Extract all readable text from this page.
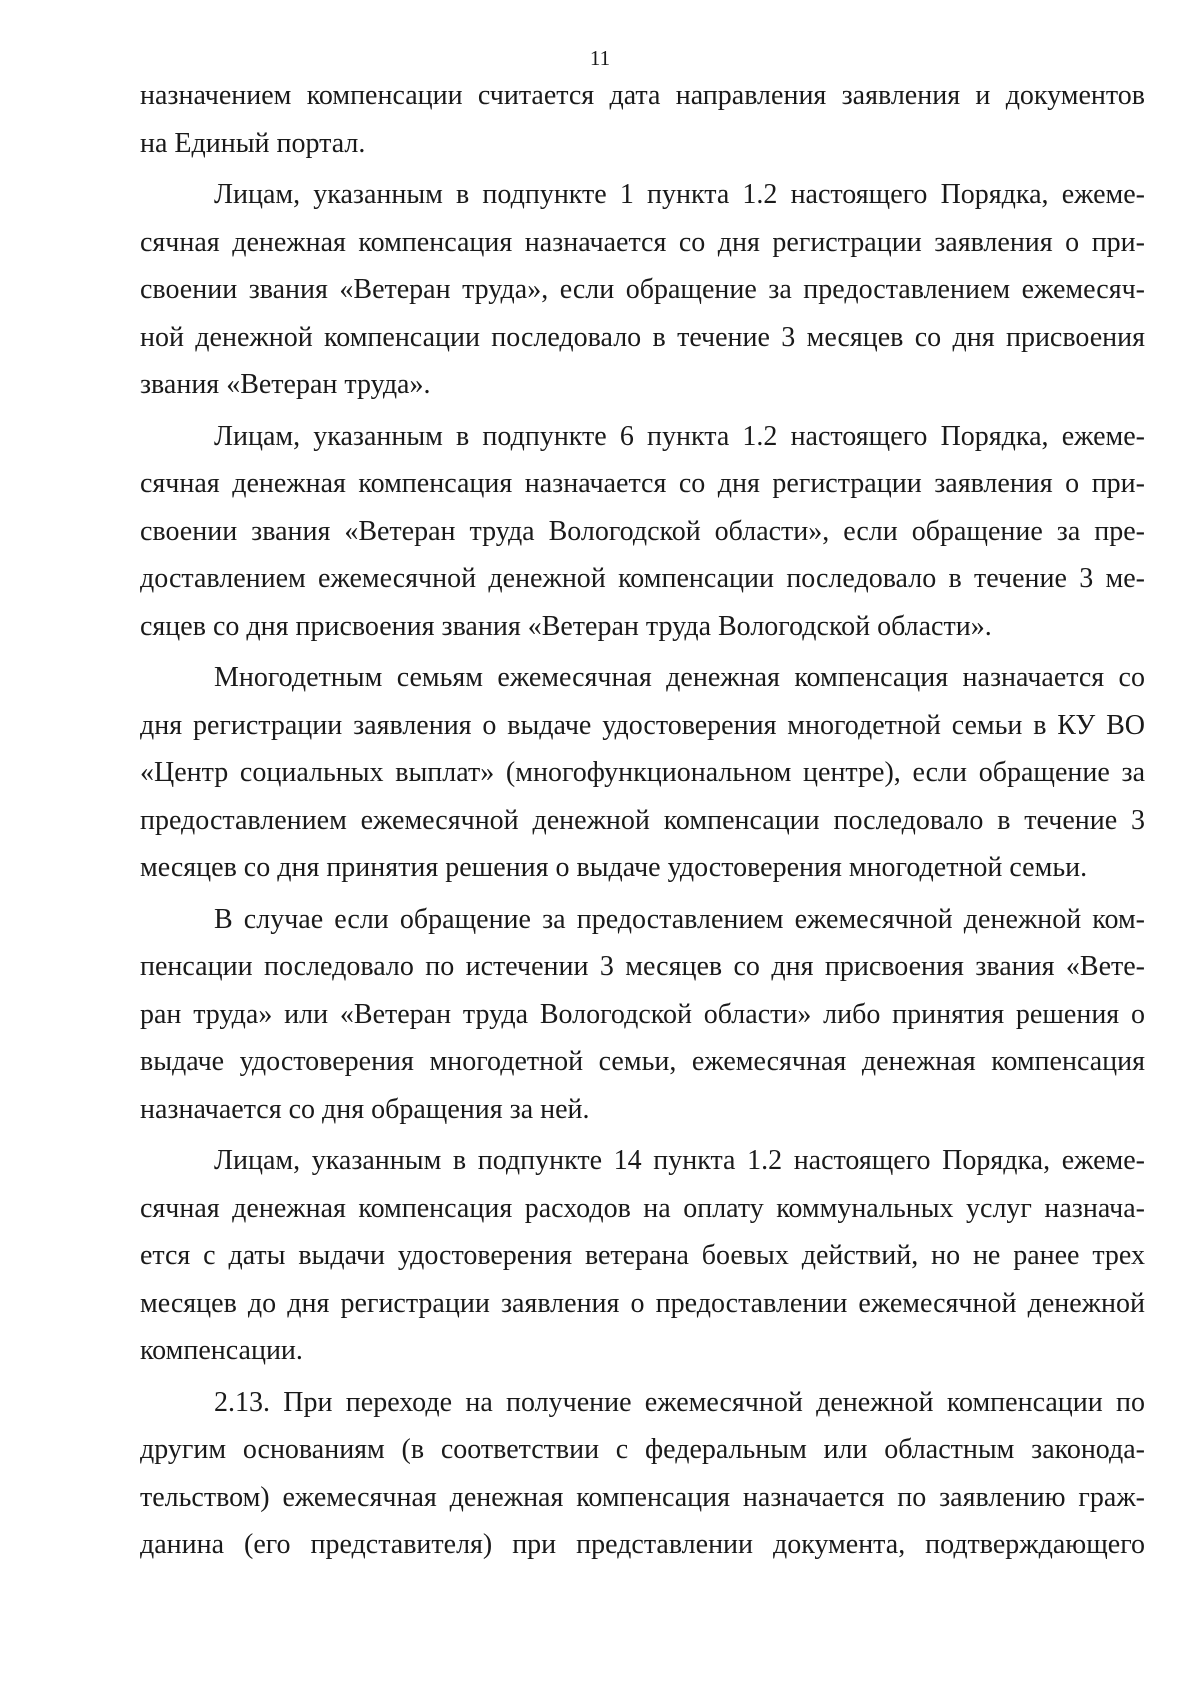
11
назначением компенсации считается дата направления заявления и документов
на Единый портал.
Лицам, указанным в подпункте 1 пункта 1.2 настоящего Порядка, ежеме-
сячная денежная компенсация назначается со дня регистрации заявления о при-
своении звания «Ветеран труда», если обращение за предоставлением ежемесяч-
ной денежной компенсации последовало в течение 3 месяцев со дня присвоения
звания «Ветеран труда».
Лицам, указанным в подпункте 6 пункта 1.2 настоящего Порядка, ежеме-
сячная денежная компенсация назначается со дня регистрации заявления о при-
своении звания «Ветеран труда Вологодской области», если обращение за пре-
доставлением ежемесячной денежной компенсации последовало в течение 3 ме-
сяцев со дня присвоения звания «Ветеран труда Вологодской области».
Многодетным семьям ежемесячная денежная компенсация назначается со
дня регистрации заявления о выдаче удостоверения многодетной семьи в КУ ВО
«Центр социальных выплат» (многофункциональном центре), если обращение за
предоставлением ежемесячной денежной компенсации последовало в течение 3
месяцев со дня принятия решения о выдаче удостоверения многодетной семьи.
В случае если обращение за предоставлением ежемесячной денежной ком-
пенсации последовало по истечении 3 месяцев со дня присвоения звания «Вете-
ран труда» или «Ветеран труда Вологодской области» либо принятия решения о
выдаче удостоверения многодетной семьи, ежемесячная денежная компенсация
назначается со дня обращения за ней.
Лицам, указанным в подпункте 14 пункта 1.2 настоящего Порядка, ежеме-
сячная денежная компенсация расходов на оплату коммунальных услуг назнача-
ется с даты выдачи удостоверения ветерана боевых действий, но не ранее трех
месяцев до дня регистрации заявления о предоставлении ежемесячной денежной
компенсации.
2.13. При переходе на получение ежемесячной денежной компенсации по
другим основаниям (в соответствии с федеральным или областным законода-
тельством) ежемесячная денежная компенсация назначается по заявлению граж-
данина (его представителя) при представлении документа, подтверждающего
